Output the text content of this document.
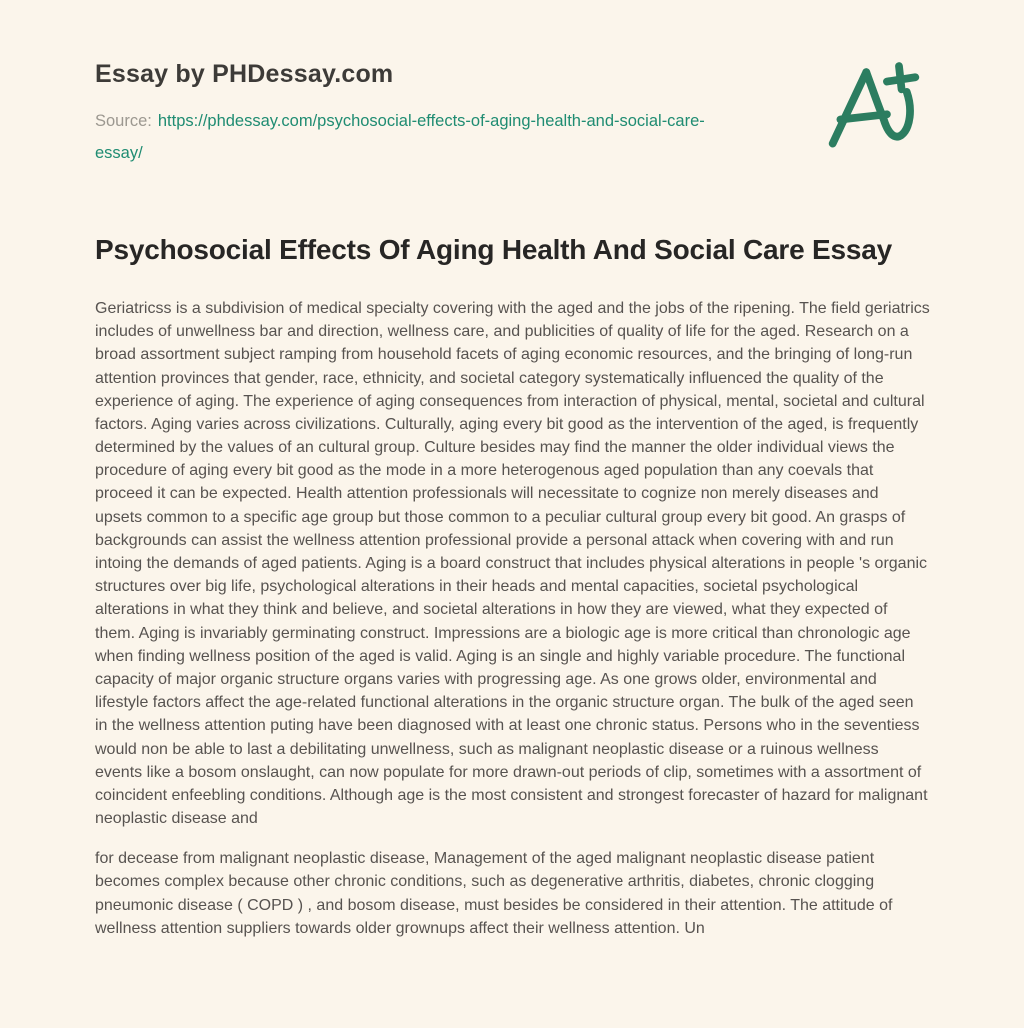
Essay by PHDessay.com

Source: https://phdessay.com/psychosocial-effects-of-aging-health-and-social-care-essay/

Psychosocial Effects Of Aging Health And Social Care Essay

Geriatricss is a subdivision of medical specialty covering with the aged and the jobs of the ripening. The field geriatrics includes of unwellness bar and direction, wellness care, and publicities of quality of life for the aged. Research on a broad assortment subject ramping from household facets of aging economic resources, and the bringing of long-run attention provinces that gender, race, ethnicity, and societal category systematically influenced the quality of the experience of aging. The experience of aging consequences from interaction of physical, mental, societal and cultural factors. Aging varies across civilizations. Culturally, aging every bit good as the intervention of the aged, is frequently determined by the values of an cultural group. Culture besides may find the manner the older individual views the procedure of aging every bit good as the mode in a more heterogenous aged population than any coevals that proceed it can be expected. Health attention professionals will necessitate to cognize non merely diseases and upsets common to a specific age group but those common to a peculiar cultural group every bit good. An grasps of backgrounds can assist the wellness attention professional provide a personal attack when covering with and run intoing the demands of aged patients. Aging is a board construct that includes physical alterations in people 's organic structures over big life, psychological alterations in their heads and mental capacities, societal psychological alterations in what they think and believe, and societal alterations in how they are viewed, what they expected of them. Aging is invariably germinating construct. Impressions are a biologic age is more critical than chronologic age when finding wellness position of the aged is valid. Aging is an single and highly variable procedure. The functional capacity of major organic structure organs varies with progressing age. As one grows older, environmental and lifestyle factors affect the age-related functional alterations in the organic structure organ. The bulk of the aged seen in the wellness attention puting have been diagnosed with at least one chronic status. Persons who in the seventiess would non be able to last a debilitating unwellness, such as malignant neoplastic disease or a ruinous wellness events like a bosom onslaught, can now populate for more drawn-out periods of clip, sometimes with a assortment of coincident enfeebling conditions. Although age is the most consistent and strongest forecaster of hazard for malignant neoplastic disease and

for decease from malignant neoplastic disease, Management of the aged malignant neoplastic disease patient becomes complex because other chronic conditions, such as degenerative arthritis, diabetes, chronic clogging pneumonic disease ( COPD ) , and bosom disease, must besides be considered in their attention. The attitude of wellness attention suppliers towards older grownups affect their wellness attention. Un
